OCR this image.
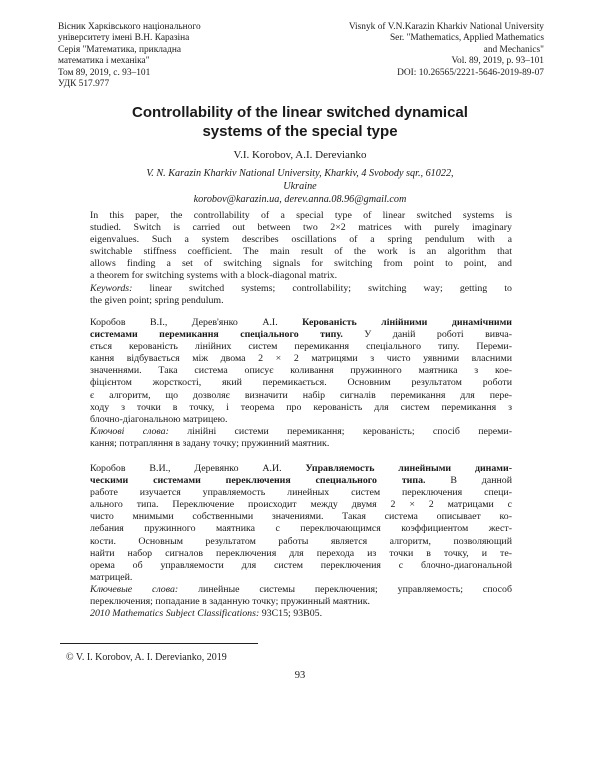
Вісник Харківського національного
університету імені В.Н. Каразіна
Серія "Математика, прикладна
математика і механіка"
Том 89, 2019, с. 93–101
Visnyk of V.N.Karazin Kharkiv National University
Ser. "Mathematics, Applied Mathematics
and Mechanics"
Vol. 89, 2019, p. 93–101
DOI: 10.26565/2221-5646-2019-89-07
УДК 517.977
Controllability of the linear switched dynamical
systems of the special type
V.I. Korobov, A.I. Derevianko
V. N. Karazin Kharkiv National University, Kharkiv, 4 Svobody sqr., 61022,
Ukraine
korobov@karazin.ua, derev.anna.08.96@gmail.com
In this paper, the controllability of a special type of linear switched systems is
studied. Switch is carried out between two 2×2 matrices with purely imaginary
eigenvalues. Such a system describes oscillations of a spring pendulum with a
switchable stiffness coefficient. The main result of the work is an algorithm that
allows finding a set of switching signals for switching from point to point, and
a theorem for switching systems with a block-diagonal matrix.
Keywords: linear switched systems; controllability; switching way; getting to
the given point; spring pendulum.
Коробов В.І., Дерев'янко А.І. Керованість лінійними динамічними
системами перемикання спеціального типу. У даній роботі вивча-
ється керованість лінійних систем перемикання спеціального типу. Переми-
кання відбувається між двома 2 × 2 матрицями з чисто уявними власними
значеннями. Така система описує коливання пружинного маятника з кое-
фіцієнтом жорсткості, який перемикається. Основним результатом роботи
є алгоритм, що дозволяє визначити набір сигналів перемикання для пере-
ходу з точки в точку, і теорема про керованість для систем перемикання з
блочно-діагональною матрицею.
Ключові слова: лінійні системи перемикання; керованість; спосіб переми-
кання; потрапляння в задану точку; пружинний маятник.
Коробов В.И., Деревянко А.И. Управляемость линейными динами-
ческими системами переключения специального типа.	В данной
работе изучается управляемость линейных систем переключения специ-
ального типа. Переключение происходит между двумя 2 × 2 матрицами с
чисто мнимыми собственными значениями. Такая система описывает ко-
лебания пружинного маятника с переключающимся коэффициентом жест-
кости. Основным результатом работы является алгоритм, позволяющий
найти набор сигналов переключения для перехода из точки в точку, и те-
орема об управляемости для систем переключения с блочно-диагональной
матрицей.
Ключевые слова: линейные системы переключения; управляемость; способ
переключения; попадание в заданную точку; пружинный маятник.
2010 Mathematics Subject Classifications: 93C15; 93B05.
© V. I. Korobov, A. I. Derevianko, 2019
93
